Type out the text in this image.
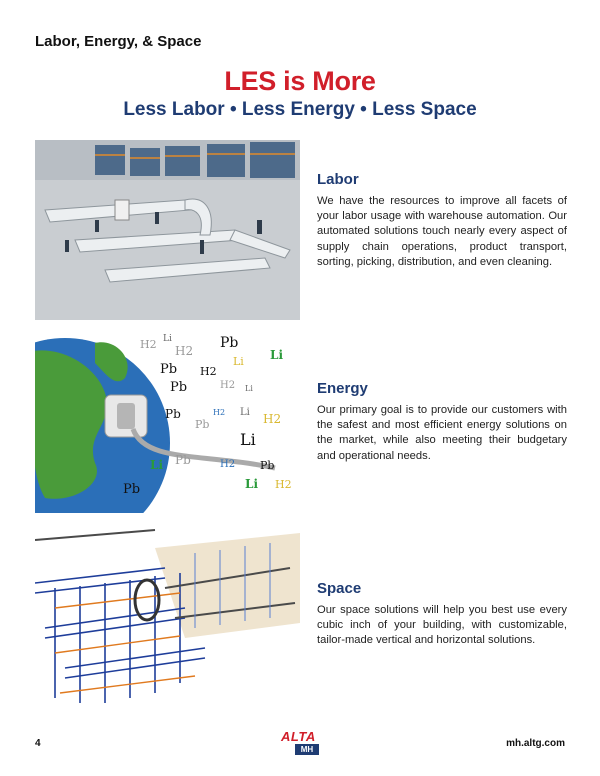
Labor, Energy, & Space
LES is More
Less Labor • Less Energy • Less Space
H2 Li	Pb
H2	Li
Pb H2
Li
Pb	H2 Li
Pb	H2 Li
Pb	H2
Li
Pb	H2
Li	Pb
H2
Li
Pb
Labor

We have the resources to improve all facets of your labor usage with warehouse automation. Our automated solutions touch nearly every aspect of supply chain operations, product transport, sorting, picking, distribution, and even cleaning.

Energy

Our primary goal is to provide our customers with the safest and most efficient energy solutions on the market, while also meeting their budgetary and operational needs.

Space

Our space solutions will help you best use every cubic inch of your building, with customizable, tailor-made vertical and horizontal solutions.

4	ALTA
MH
mh.altg.com
